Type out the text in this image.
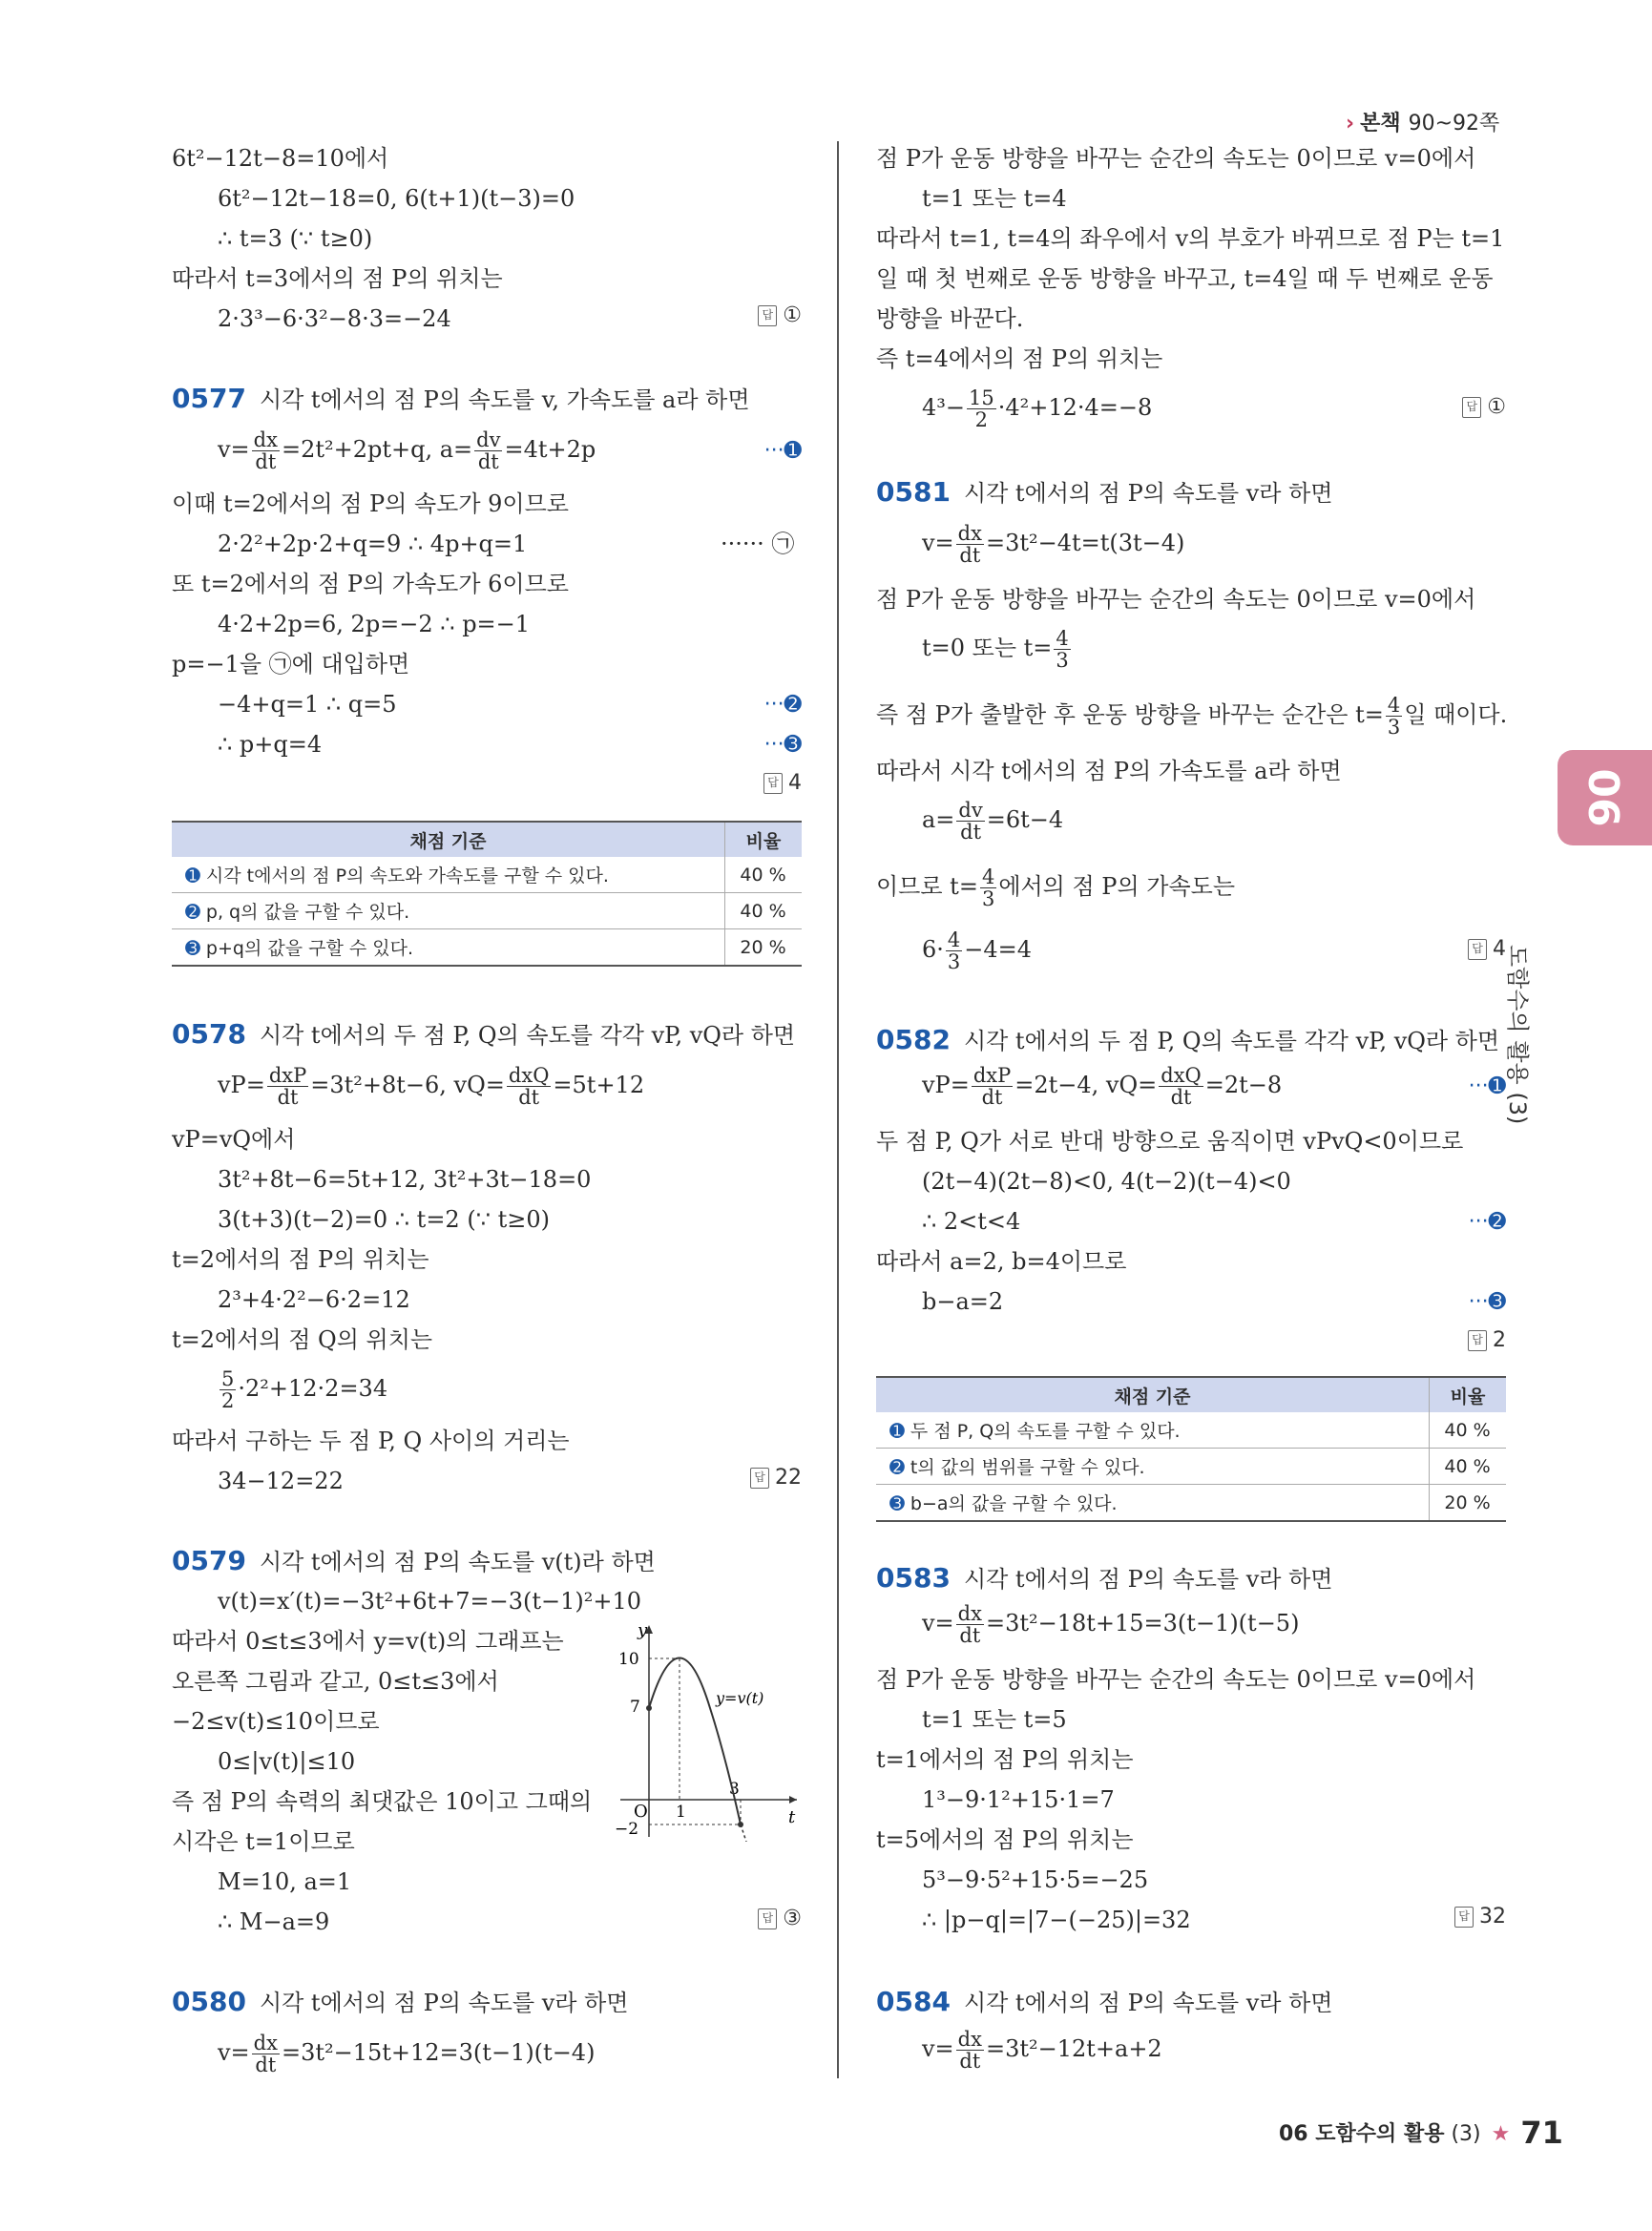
› 본책 90~92쪽
6t²−12t−8=10에서
6t²−12t−18=0, 6(t+1)(t−3)=0
∴ t=3 (∵ t≥0)
따라서 t=3에서의 점 P의 위치는
2·3³−6·3²−8·3=−24	답 ①
0577 시각 t에서의 점 P의 속도를 v, 가속도를 a라 하면
$v= \frac{dx}{dt} =2t^2+2pt+q$, $a= \frac{dv}{dt} =4t+2p$	···➊
이때 t=2에서의 점 P의 속도가 9이므로
2·2²+2p·2+q=9 ∴ 4p+q=1	······ ㉠
또 t=2에서의 점 P의 가속도가 6이므로
4·2+2p=6, 2p=−2 ∴ p=−1
p=−1을 ㉠에 대입하면
−4+q=1 ∴ q=5	···➋
∴ p+q=4	···➌
답 4
채점 기준	비율
➊ 시각 t에서의 점 P의 속도와 가속도를 구할 수 있다.	40 %
➋ p, q의 값을 구할 수 있다.	40 %
➌ p+q의 값을 구할 수 있다.	20 %
0578 시각 t에서의 두 점 P, Q의 속도를 각각 vP, vQ라 하면
$vP= \frac{\text{dxP}}{dt} =3t^2+8t-6$, $vQ= \frac{\text{dxQ}}{dt} =5t+12$
vP=vQ에서
3t²+8t−6=5t+12, 3t²+3t−18=0
3(t+3)(t−2)=0 ∴ t=2 (∵ t≥0)
t=2에서의 점 P의 위치는
2³+4·2²−6·2=12
t=2에서의 점 Q의 위치는
$\frac{5}{2} \cdot 2^2+12\cdot 2=34$
따라서 구하는 두 점 P, Q 사이의 거리는
34−12=22	답 22
0579 시각 t에서의 점 P의 속도를 v(t)라 하면
v(t)=x′(t)=−3t²+6t+7=−3(t−1)²+10
따라서 0≤t≤3에서 y=v(t)의 그래프는
오른쪽 그림과 같고, 0≤t≤3에서
−2≤v(t)≤10이므로
0≤|v(t)|≤10
즉 점 P의 속력의 최댓값은 10이고 그때의
시각은 t=1이므로
M=10, a=1
∴ M−a=9	답 ③
y
t
O
10
7
−2
1
3
y=v(t)
0580 시각 t에서의 점 P의 속도를 v라 하면
$v= \frac{dx}{dt} =3t^2-15t+12=3(t-1)(t-4)$
점 P가 운동 방향을 바꾸는 순간의 속도는 0이므로 v=0에서
t=1 또는 t=4
따라서 t=1, t=4의 좌우에서 v의 부호가 바뀌므로 점 P는 t=1
일 때 첫 번째로 운동 방향을 바꾸고, t=4일 때 두 번째로 운동
방향을 바꾼다.
즉 t=4에서의 점 P의 위치는
$4^3- \frac{15}{2} \cdot 4^2+12\cdot 4=-8$	답 ①
0581 시각 t에서의 점 P의 속도를 v라 하면
$v= \frac{dx}{dt} =3t^2-4t=t(3t-4)$
점 P가 운동 방향을 바꾸는 순간의 속도는 0이므로 v=0에서
t=0 또는 $t= \frac{4}{3}$
즉 점 P가 출발한 후 운동 방향을 바꾸는 순간은 $t= \frac{4}{3}$ 일 때이다.
따라서 시각 t에서의 점 P의 가속도를 a라 하면
$a= \frac{dv}{dt} =6t-4$
이므로 $t= \frac{4}{3}$ 에서의 점 P의 가속도는
$6\cdot \frac{4}{3} -4=4$	답 4
0582 시각 t에서의 두 점 P, Q의 속도를 각각 vP, vQ라 하면
$vP= \frac{\text{dxP}}{dt} =2t-4$, $vQ= \frac{\text{dxQ}}{dt} =2t-8$	···➊
두 점 P, Q가 서로 반대 방향으로 움직이면 vPvQ<0이므로
(2t−4)(2t−8)<0, 4(t−2)(t−4)<0
∴ 2<t<4	···➋
따라서 a=2, b=4이므로
b−a=2	···➌
답 2
채점 기준	비율
➊ 두 점 P, Q의 속도를 구할 수 있다.	40 %
➋ t의 값의 범위를 구할 수 있다.	40 %
➌ b−a의 값을 구할 수 있다.	20 %
0583 시각 t에서의 점 P의 속도를 v라 하면
$v= \frac{dx}{dt} =3t^2-18t+15=3(t-1)(t-5)$
점 P가 운동 방향을 바꾸는 순간의 속도는 0이므로 v=0에서
t=1 또는 t=5
t=1에서의 점 P의 위치는
1³−9·1²+15·1=7
t=5에서의 점 P의 위치는
5³−9·5²+15·5=−25
∴ |p−q|=|7−(−25)|=32	답 32
0584 시각 t에서의 점 P의 속도를 v라 하면
$v= \frac{dx}{dt} =3t^2-12t+a+2$
06
도함수의 활용 (3)
06 도함수의 활용 (3) ★ 71
